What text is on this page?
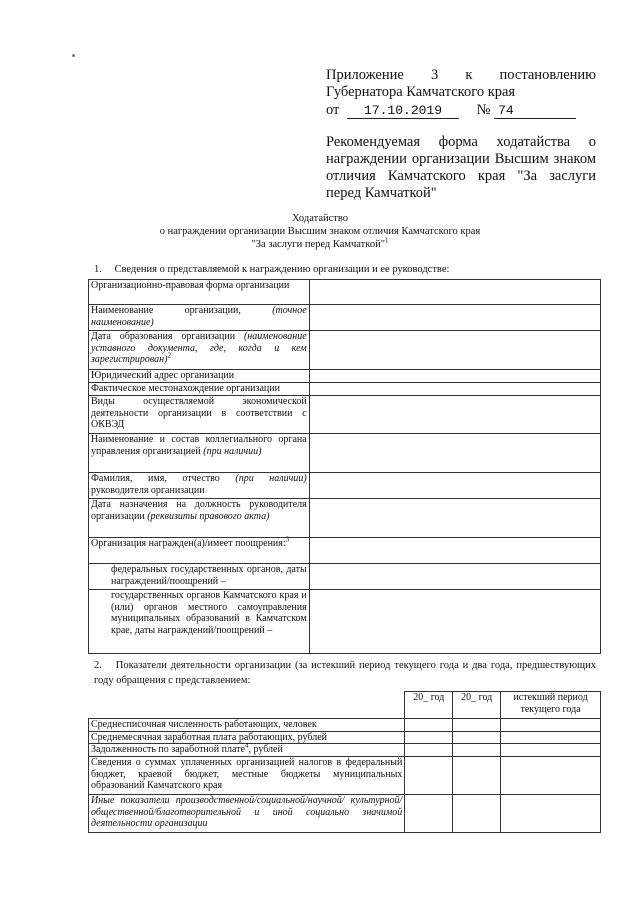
Приложение 3 к постановлению
Губернатора Камчатского края
от 17.10.2019 № 74
Рекомендуемая форма ходатайства о награждении организации Высшим знаком отличия Камчатского края "За заслуги перед Камчаткой"
Ходатайство
о награждении организации Высшим знаком отличия Камчатского края
"За заслуги перед Камчаткой"$^1$
1. Сведения о представляемой к награждению организации и ее руководстве:
Организационно-правовая форма организации	
Наименование организации, (точное наименование)	
Дата образования организации (наименование уставного документа, где, когда и кем зарегистрирован)$^2$	
Юридический адрес организации	
Фактическое местонахождение организации	
Виды осуществляемой экономической деятельности организации в соответствии с ОКВЭД	
Наименование и состав коллегиального органа управления организацией (при наличии)	
Фамилия, имя, отчество (при наличии) руководителя организации	
Дата назначения на должность руководителя организации (реквизиты правового акта)	
Организация награжден(а)/имеет поощрения:$^3$	
федеральных государственных органов, даты награждений/поощрений –	
государственных органов Камчатского края и (или) органов местного самоуправления муниципальных образований в Камчатском крае, даты награждений/поощрений –	
2. Показатели деятельности организации (за истекший период текущего года и два года, предшествующих году обращения с представлением:
	20_ год	20_ год	истекший период текущего года
Среднесписочная численность работающих, человек			
Среднемесячная заработная плата работающих, рублей			
Задолженность по заработной плате$^4$, рублей			
Сведения о суммах уплаченных организацией налогов в федеральный бюджет, краевой бюджет, местные бюджеты муниципальных образований Камчатского края			
Иные показатели производственной/социальной/научной/ культурной/общественной/благотворительной и иной социально значимой деятельности организации			
